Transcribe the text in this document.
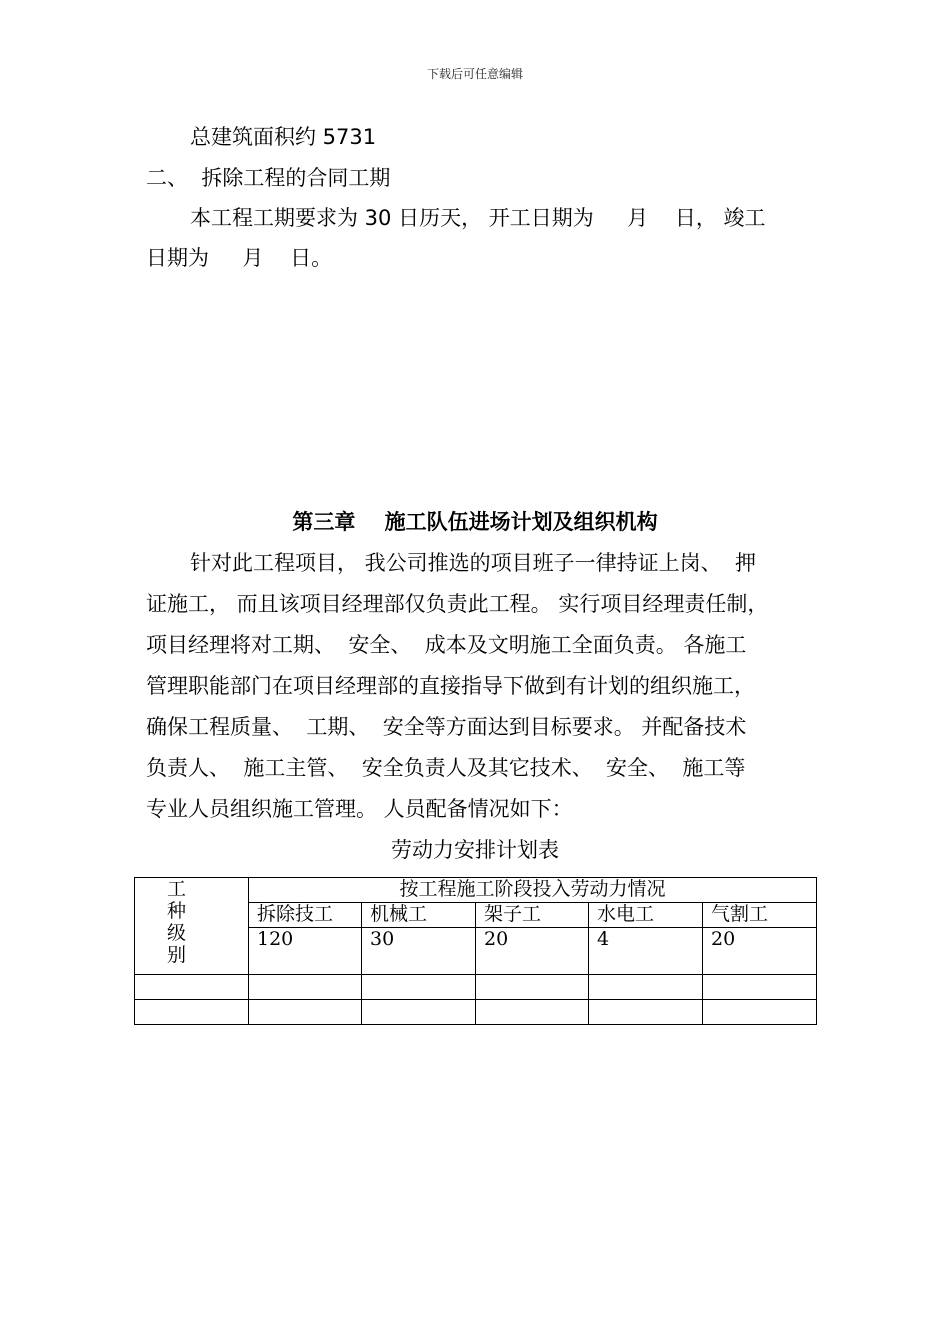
下载后可任意编辑
总建筑面积约 5731
二、  拆除工程的合同工期
本工程工期要求为 30 日历天， 开工日期为     月    日， 竣工
日期为     月    日。
第三章    施工队伍进场计划及组织机构
针对此工程项目， 我公司推选的项目班子一律持证上岗、  押
证施工， 而且该项目经理部仅负责此工程。 实行项目经理责任制，
项目经理将对工期、  安全、  成本及文明施工全面负责。 各施工
管理职能部门在项目经理部的直接指导下做到有计划的组织施工，
确保工程质量、  工期、  安全等方面达到目标要求。 并配备技术
负责人、  施工主管、  安全负责人及其它技术、  安全、  施工等
专业人员组织施工管理。 人员配备情况如下：
劳动力安排计划表
工
种
级
别	按工程施工阶段投入劳动力情况				
	拆除技工	机械工	架子工	水电工	气割工
	120	30	20	4	20
